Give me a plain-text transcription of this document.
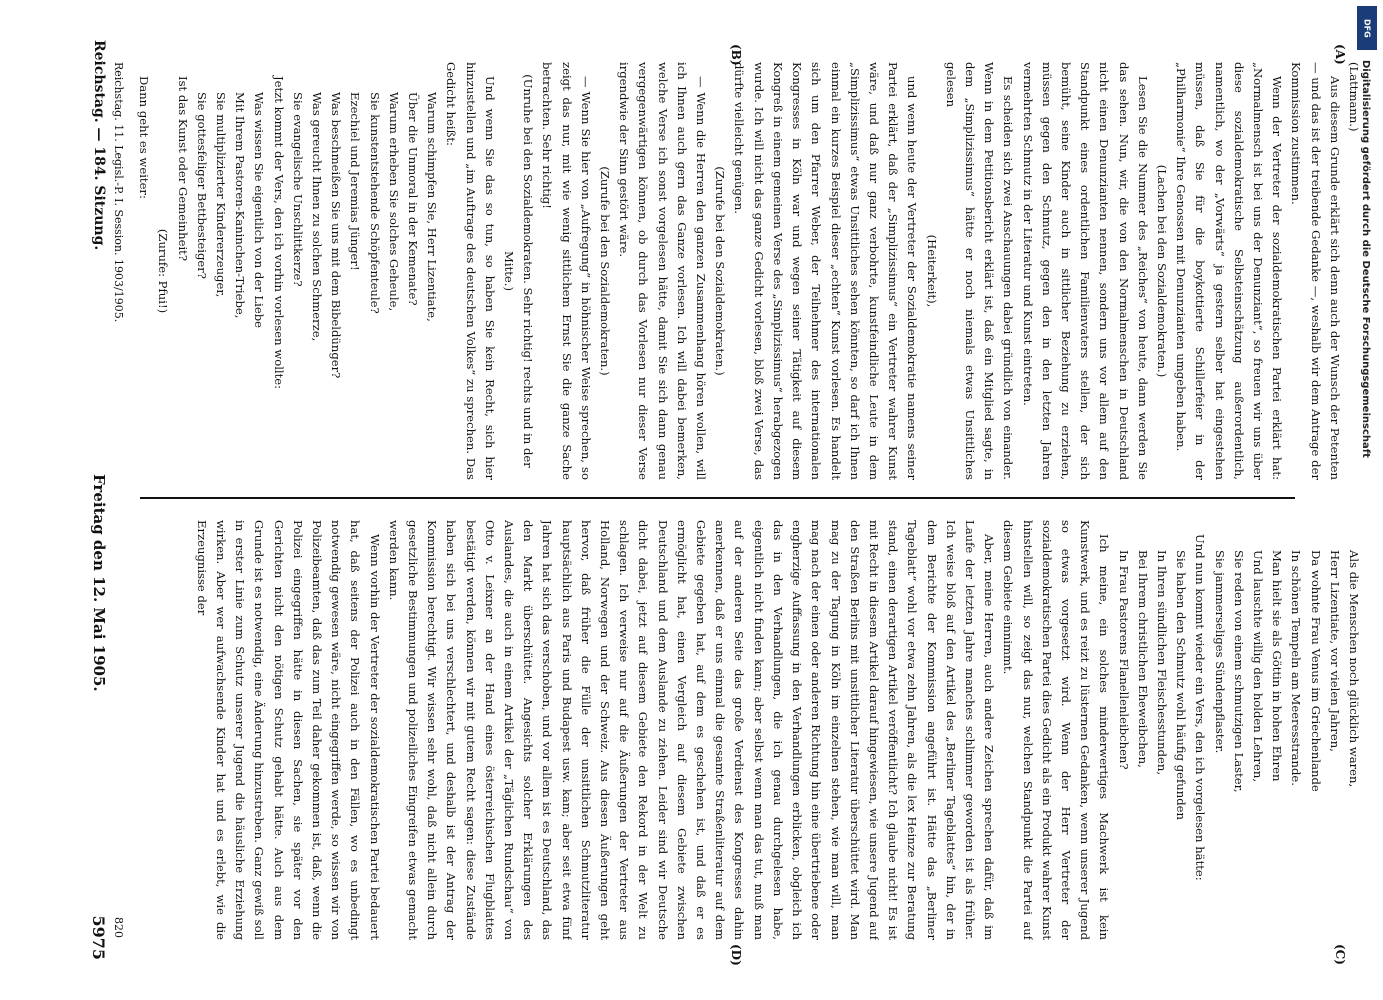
Reichstag. — 184. Sitzung.
Freitag den 12. Mai 1905.
5975

(Lattmann.)

Aus diesem Grunde erklärt sich denn auch der Wunsch der Petenten — und das ist der treibende Gedanke —, weshalb wir dem Antrage der Kommission zustimmen.

Wenn der Vertreter der sozialdemokratischen Partei erklärt hat: „Normalmensch ist bei uns der Denunziant“, so freuen wir uns über diese sozialdemokratische Selbsteinschätzung außerordentlich, namentlich, wo der „Vorwärts“ ja gestern selber hat eingestehen müssen, daß Sie für die boykottierte Schillerfeier in der „Philharmonie“ Ihre Genossen mit Denunzianten umgeben haben.

(Lachen bei den Sozialdemokraten.)

Lesen Sie die Nummer des „Reiches“ von heute, dann werden Sie das sehen. Nun, wir, die von den Normalmenschen in Deutschland nicht einen Denunzianten nennen, sondern uns vor allem auf den Standpunkt eines ordentlichen Familienvaters stellen, der sich bemüht, seine Kinder auch in sittlicher Beziehung zu erziehen, müssen gegen den Schmutz, gegen den in den letzten Jahren vermehrten Schmutz in der Literatur und Kunst eintreten.

Es scheiden sich zwei Anschauungen dabei gründlich von einander. Wenn in dem Petitionsbericht erklärt ist, daß ein Mitglied sagte, in dem „Simplizissimus“ hätte er noch niemals etwas Unsittliches gelesen

(Heiterkeit),

und wenn heute der Vertreter der Sozialdemokratie namens seiner Partei erklärt, daß der „Simplizissimus“ ein Vertreter wahrer Kunst wäre, und daß nur ganz verbohrte, kunstfeindliche Leute in dem „Simplizissimus“ etwas Unsittliches sehen könnten, so darf ich Ihnen einmal ein kurzes Beispiel dieser „echten“ Kunst vorlesen. Es handelt sich um den Pfarrer Weber, der Teilnehmer des internationalen Kongresses in Köln war und wegen seiner Tätigkeit auf diesem Kongreß in einem gemeinen Verse des „Simplizissimus“ herabgezogen wurde. Ich will nicht das ganze Gedicht vorlesen, bloß zwei Verse, das dürfte vielleicht genügen.

(Zurufe bei den Sozialdemokraten.)

— Wenn die Herren den ganzen Zusammenhang hören wollen, will ich Ihnen auch gern das Ganze vorlesen. Ich will dabei bemerken, welche Verse ich sonst vorgelesen hätte, damit Sie sich dann genau vergegenwärtigen können, ob durch das Vorlesen nur dieser Verse irgendwie der Sinn gestört wäre.

(Zurufe bei den Sozialdemokraten.)

— Wenn Sie hier von „Aufregung“ in höhnischer Weise sprechen, so zeigt das nur, mit wie wenig sittlichem Ernst Sie die ganze Sache betrachten. Sehr richtig!

(Unruhe bei den Sozialdemokraten. Sehr richtig! rechts und in der Mitte.)

Und wenn Sie das so tun, so haben Sie kein Recht, sich hier hinzustellen und „im Auftrage des deutschen Volkes“ zu sprechen. Das Gedicht heißt:

Warum schimpfen Sie, Herr Lizentiate,

Über die Unmoral in der Kemenate?

Warum erheben Sie solches Geheule,

Sie kunstentstehende Schöpfenteule?

Ezechiel und Jeremias Jünger!

Was beschmeißen Sie uns mit dem Bibeldünger?

Was gereucht Ihnen zu solchen Schmerze,

Sie evangelische Unschlittkerze?

Jetzt kommt der Vers, den ich vorhin vorlesen wollte:

Was wissen Sie eigentlich von der Liebe

Mit Ihrem Pastoren-Kaninchen-Triebe,

Sie multiplizierter Kindererzeuger,

Sie gottesfeliger Bettbesteiger?

Ist das Kunst oder Gemeinheit?

(Zurufe: Pfui!)

Dann geht es weiter:

Als die Menschen noch glücklich waren,

Herr Lizentiate, vor vielen Jahren,

Da wohnte Frau Venus im Griechenlande

In schönen Tempeln am Meeresstrande.

Man hielt sie als Göttin in hohen Ehren

Und lauschte willig den holden Lehren,

Sie reden von einem schmutzigen Laster,

Sie jammerseliges Sündenpflaster.

Und nun kommt wieder ein Vers, den ich vorgelesen hätte:

Sie haben den Schmutz wohl häufig gefunden

In Ihren sündlichen Fleischesstunden,

Bei Ihrem christlichen Eheweibchen,

In Frau Pastorens Flanellenleibchen?

Ich meine, ein solches minderwertiges Machwerk ist kein Kunstwerk, und es reizt zu lüsternen Gedanken, wenn unserer Jugend so etwas vorgesetzt wird. Wenn der Herr Vertreter der sozialdemokratischen Partei dies Gedicht als ein Produkt wahrer Kunst hinstellen will, so zeigt das nur, welchen Standpunkt die Partei auf diesem Gebiete einnimmt.

Aber, meine Herren, auch andere Zeichen sprechen dafür, daß im Laufe der letzten Jahre manches schlimmer geworden ist als früher. Ich weise bloß auf den Artikel des „Berliner Tageblattes“ hin, der in dem Berichte der Kommission angeführt ist. Hätte das „Berliner Tageblatt“ wohl vor etwa zehn Jahren, als die lex Heinze zur Beratung stand, einen derartigen Artikel veröffentlicht? Ich glaube nicht! Es ist mit Recht in diesem Artikel darauf hingewiesen, wie unsere Jugend auf den Straßen Berlins mit unsittlicher Literatur überschüttet wird. Man mag zu der Tagung in Köln im einzelnen stehen, wie man will, man mag nach der einen oder anderen Richtung hin eine übertriebene oder engherzige Auffassung in den Verhandlungen erblicken, obgleich ich das in den Verhandlungen, die ich genau durchgelesen habe, eigentlich nicht finden kann; aber selbst wenn man das tut, muß man auf der anderen Seite das große Verdienst des Kongresses dahin anerkennen, daß er uns einmal die gesamte Straßenliteratur auf dem Gebiete gegeben hat, auf dem es geschehen ist, und daß er es ermöglicht hat, einen Vergleich auf diesem Gebiete zwischen Deutschland und dem Auslande zu ziehen. Leider sind wir Deutsche dicht dabei, jetzt auf diesem Gebiete den Rekord in der Welt zu schlagen. Ich verweise nur auf die Äußerungen der Vertreter aus Holland, Norwegen und der Schweiz. Aus diesen Äußerungen geht hervor, daß früher die Fülle der unsittlichen Schmutzliteratur hauptsächlich aus Paris und Budapest usw. kam; aber seit etwa fünf Jahren hat sich das verschoben, und vor allem ist es Deutschland, das den Markt überschüttet. Angesichts solcher Erklärungen des Auslandes, die auch in einem Artikel der „Täglichen Rundschau“ von Otto v. Leixner an der Hand eines österreichischen Flugblattes bestätigt werden, können wir mit gutem Recht sagen: diese Zustände haben sich bei uns verschlechtert, und deshalb ist der Antrag der Kommission berechtigt. Wir wissen sehr wohl, daß nicht allein durch gesetzliche Bestimmungen und polizeiliches Eingreifen etwas gemacht werden kann.

Wenn vorhin der Vertreter der sozialdemokratischen Partei bedauert hat, daß seitens der Polizei auch in den Fällen, wo es unbedingt notwendig gewesen wäre, nicht eingegriffen werde, so wissen wir von Polizeibeamten, daß das zum Teil daher gekommen ist, daß, wenn die Polizei eingegriffen hätte in diesen Sachen, sie später vor den Gerichten nicht den nötigen Schutz gehabt hätte. Auch aus dem Grunde ist es notwendig, eine Änderung hinzustreben. Ganz gewiß soll in erster Linie zum Schutz unserer Jugend die häusliche Erziehung wirken. Aber wer aufwachsende Kinder hat und es erlebt, wie die Erzeugnisse der

(A)
(B)
(C)
(D)
Reichstag. 11. Legisl.-P. I. Session. 1903/1905.
820
DFG
Digitalisierung gefördert durch die Deutsche Forschungsgemeinschaft
